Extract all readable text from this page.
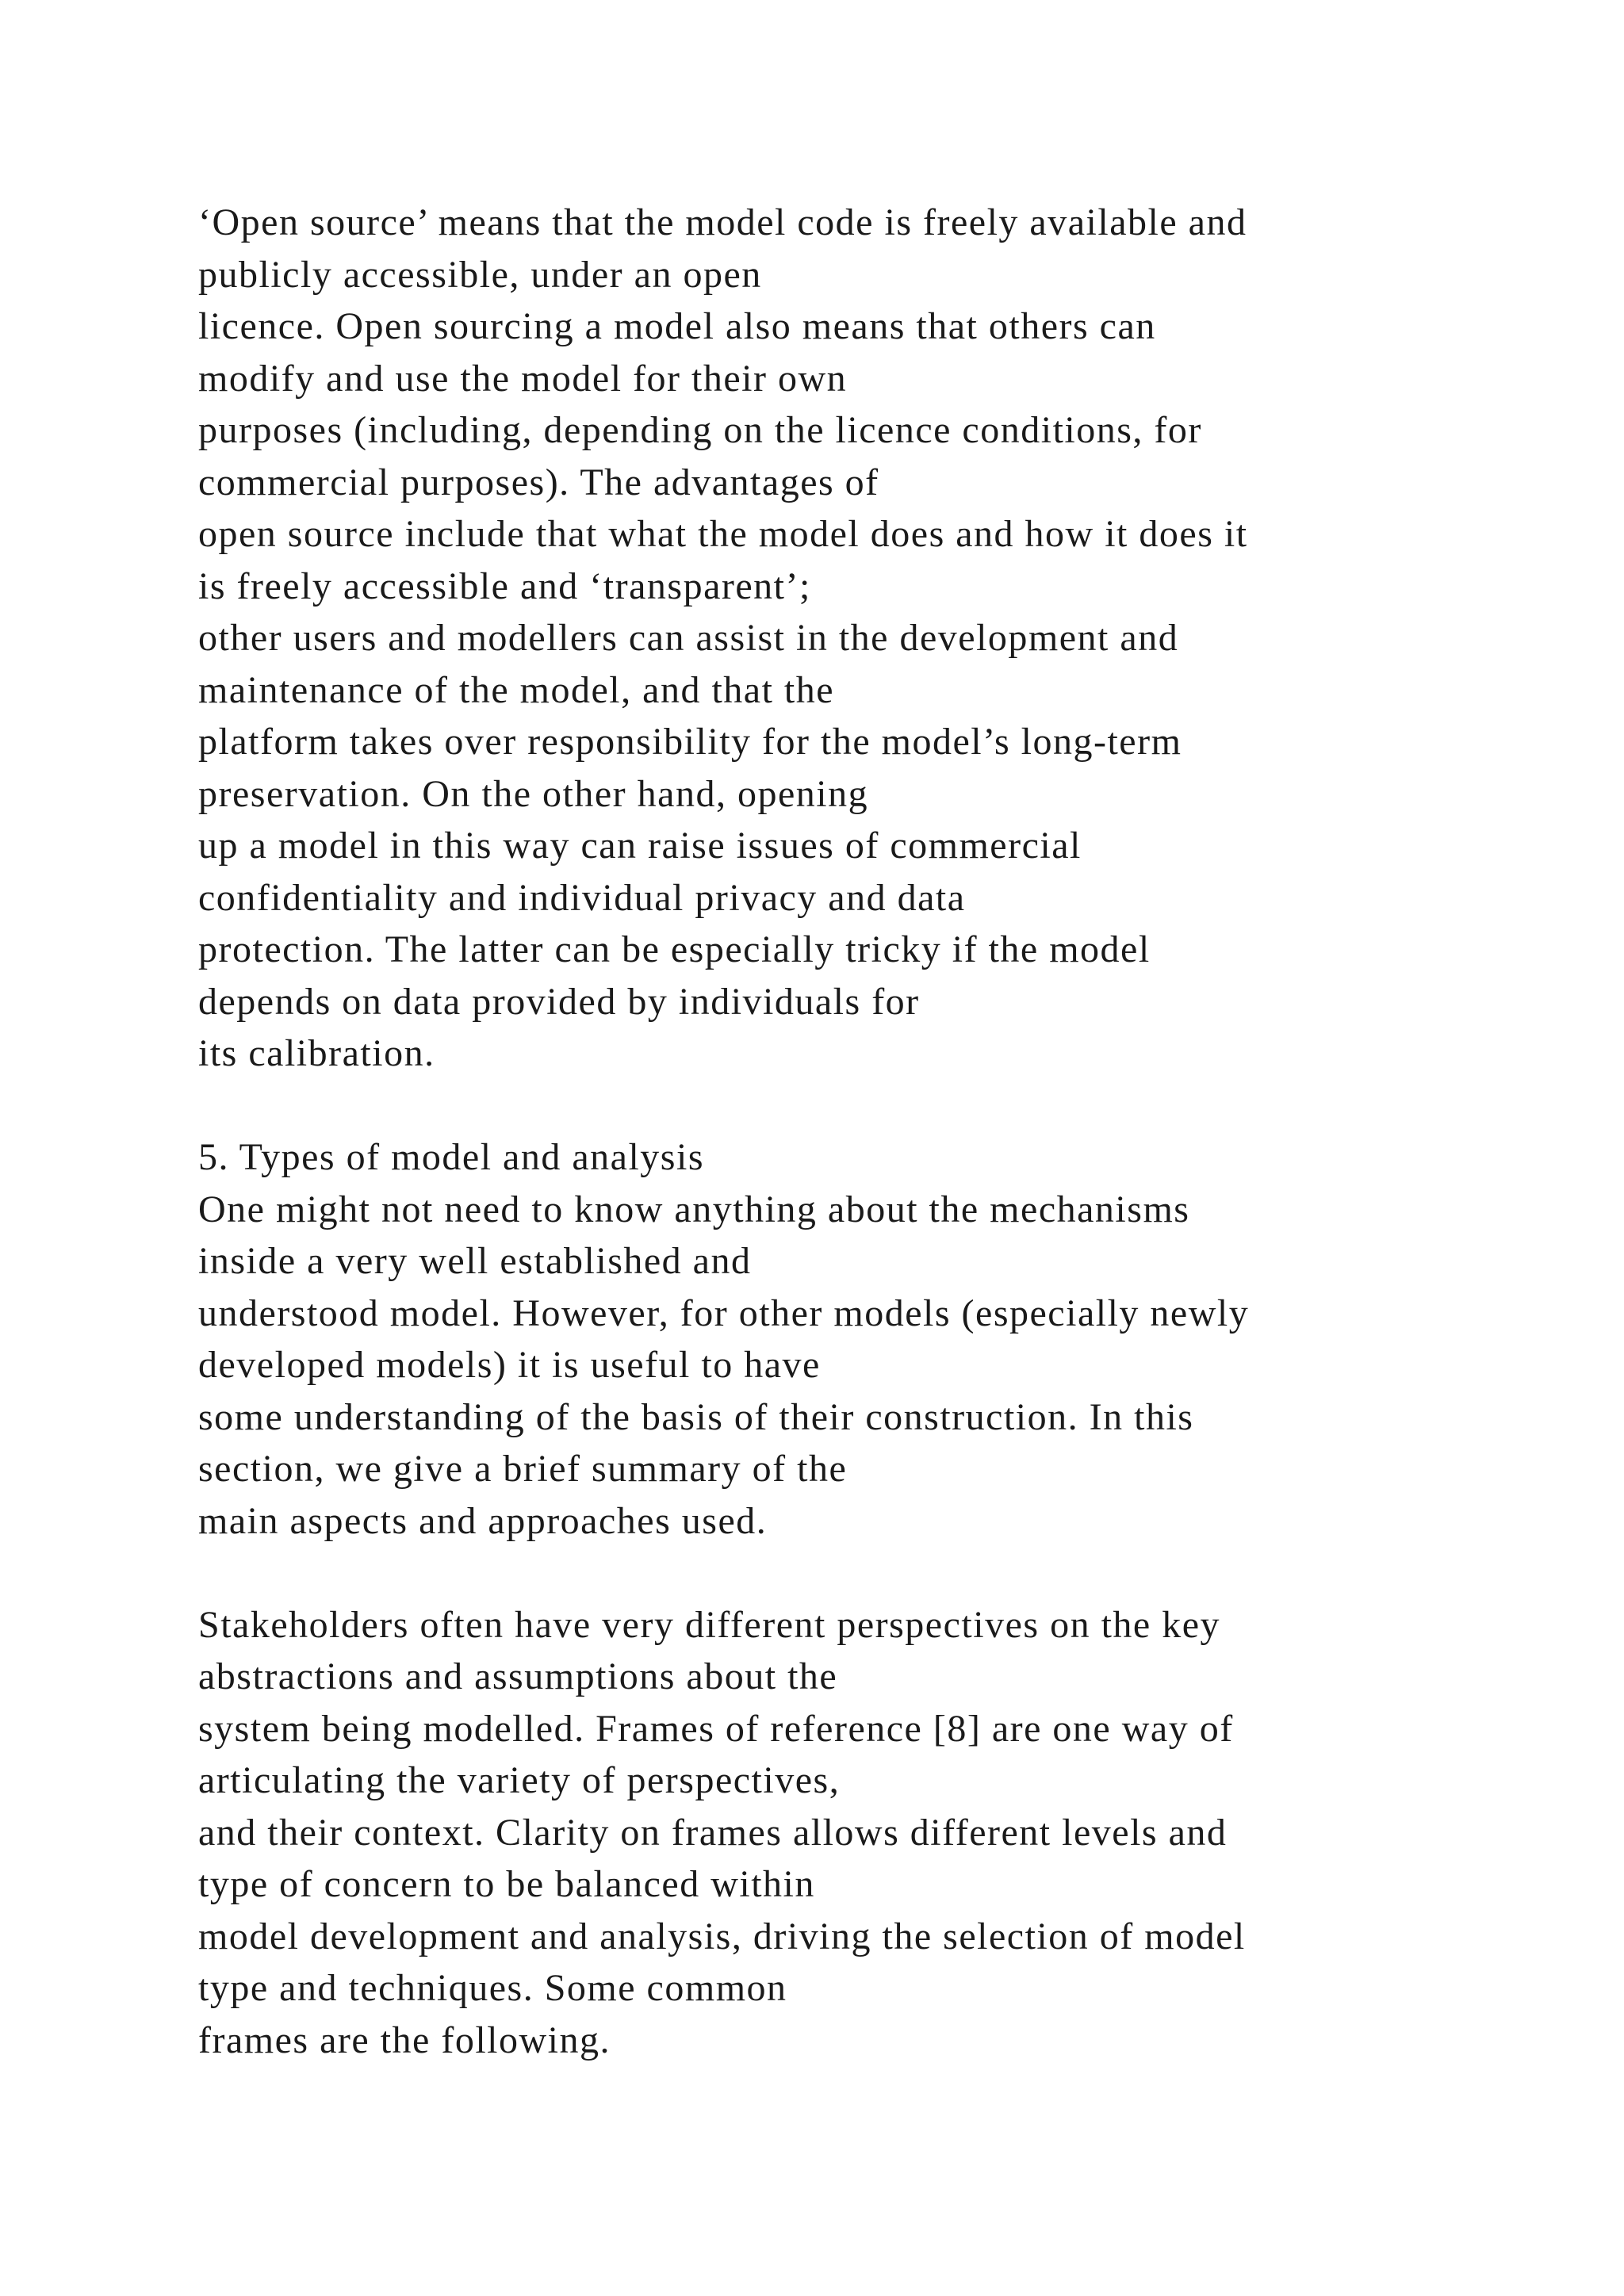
‘Open source’ means that the model code is freely available and
publicly accessible, under an open
licence. Open sourcing a model also means that others can
modify and use the model for their own
purposes (including, depending on the licence conditions, for
commercial purposes). The advantages of
open source include that what the model does and how it does it
is freely accessible and ‘transparent’;
other users and modellers can assist in the development and
maintenance of the model, and that the
platform takes over responsibility for the model’s long-term
preservation. On the other hand, opening
up a model in this way can raise issues of commercial
confidentiality and individual privacy and data
protection. The latter can be especially tricky if the model
depends on data provided by individuals for
its calibration.
5. Types of model and analysis
One might not need to know anything about the mechanisms
inside a very well established and
understood model. However, for other models (especially newly
developed models) it is useful to have
some understanding of the basis of their construction. In this
section, we give a brief summary of the
main aspects and approaches used.
Stakeholders often have very different perspectives on the key
abstractions and assumptions about the
system being modelled. Frames of reference [8] are one way of
articulating the variety of perspectives,
and their context. Clarity on frames allows different levels and
type of concern to be balanced within
model development and analysis, driving the selection of model
type and techniques. Some common
frames are the following.
